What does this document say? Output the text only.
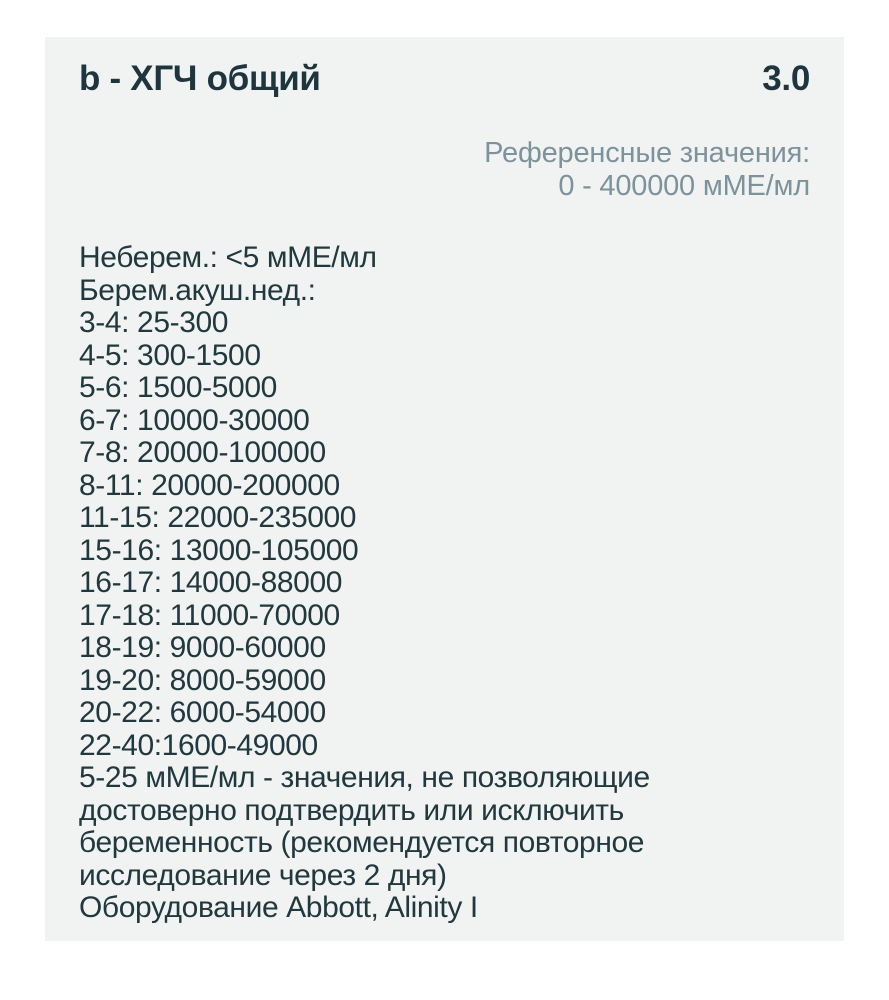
b - ХГЧ общий	3.0
Референсные значения:
0 - 400000 мМЕ/мл
Неберем.: <5 мМЕ/мл
Берем.акуш.нед.:
3-4: 25-300
4-5: 300-1500
5-6: 1500-5000
6-7: 10000-30000
7-8: 20000-100000
8-11: 20000-200000
11-15: 22000-235000
15-16: 13000-105000
16-17: 14000-88000
17-18: 11000-70000
18-19: 9000-60000
19-20: 8000-59000
20-22: 6000-54000
22-40:1600-49000
5-25 мМЕ/мл - значения, не позволяющие
достоверно подтвердить или исключить
беременность (рекомендуется повторное
исследование через 2 дня)
Оборудование Abbott, Alinity I
